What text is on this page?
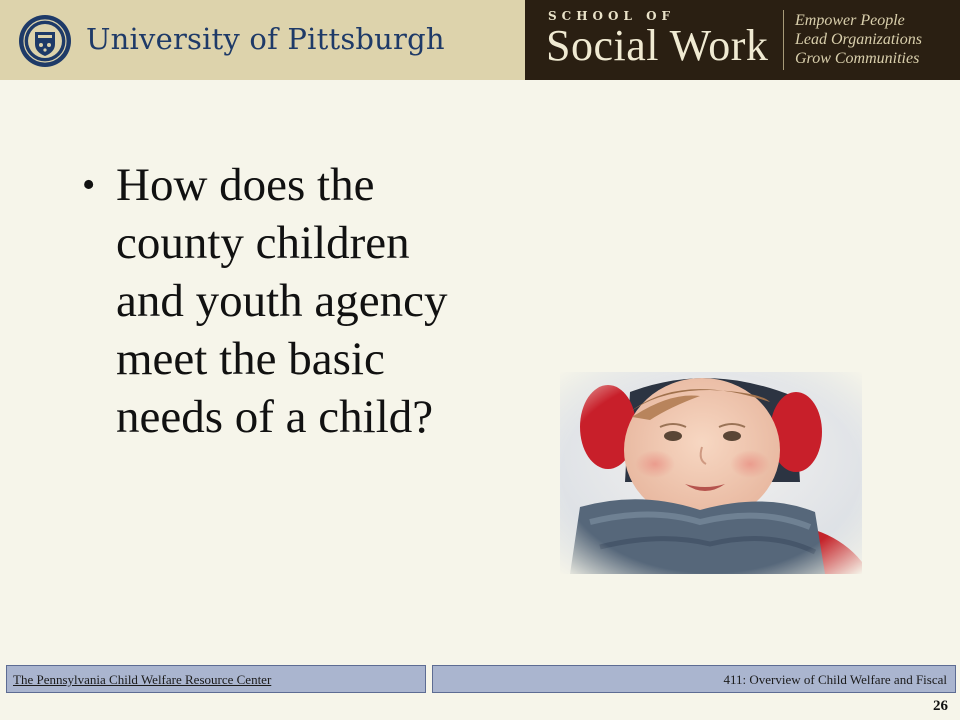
University of Pittsburgh
SCHOOL OF
Social Work
Empower People
Lead Organizations
Grow Communities
• How does the county children and youth agency meet the basic needs of a child?
The Pennsylvania Child Welfare Resource Center	411: Overview of Child Welfare and Fiscal
26
